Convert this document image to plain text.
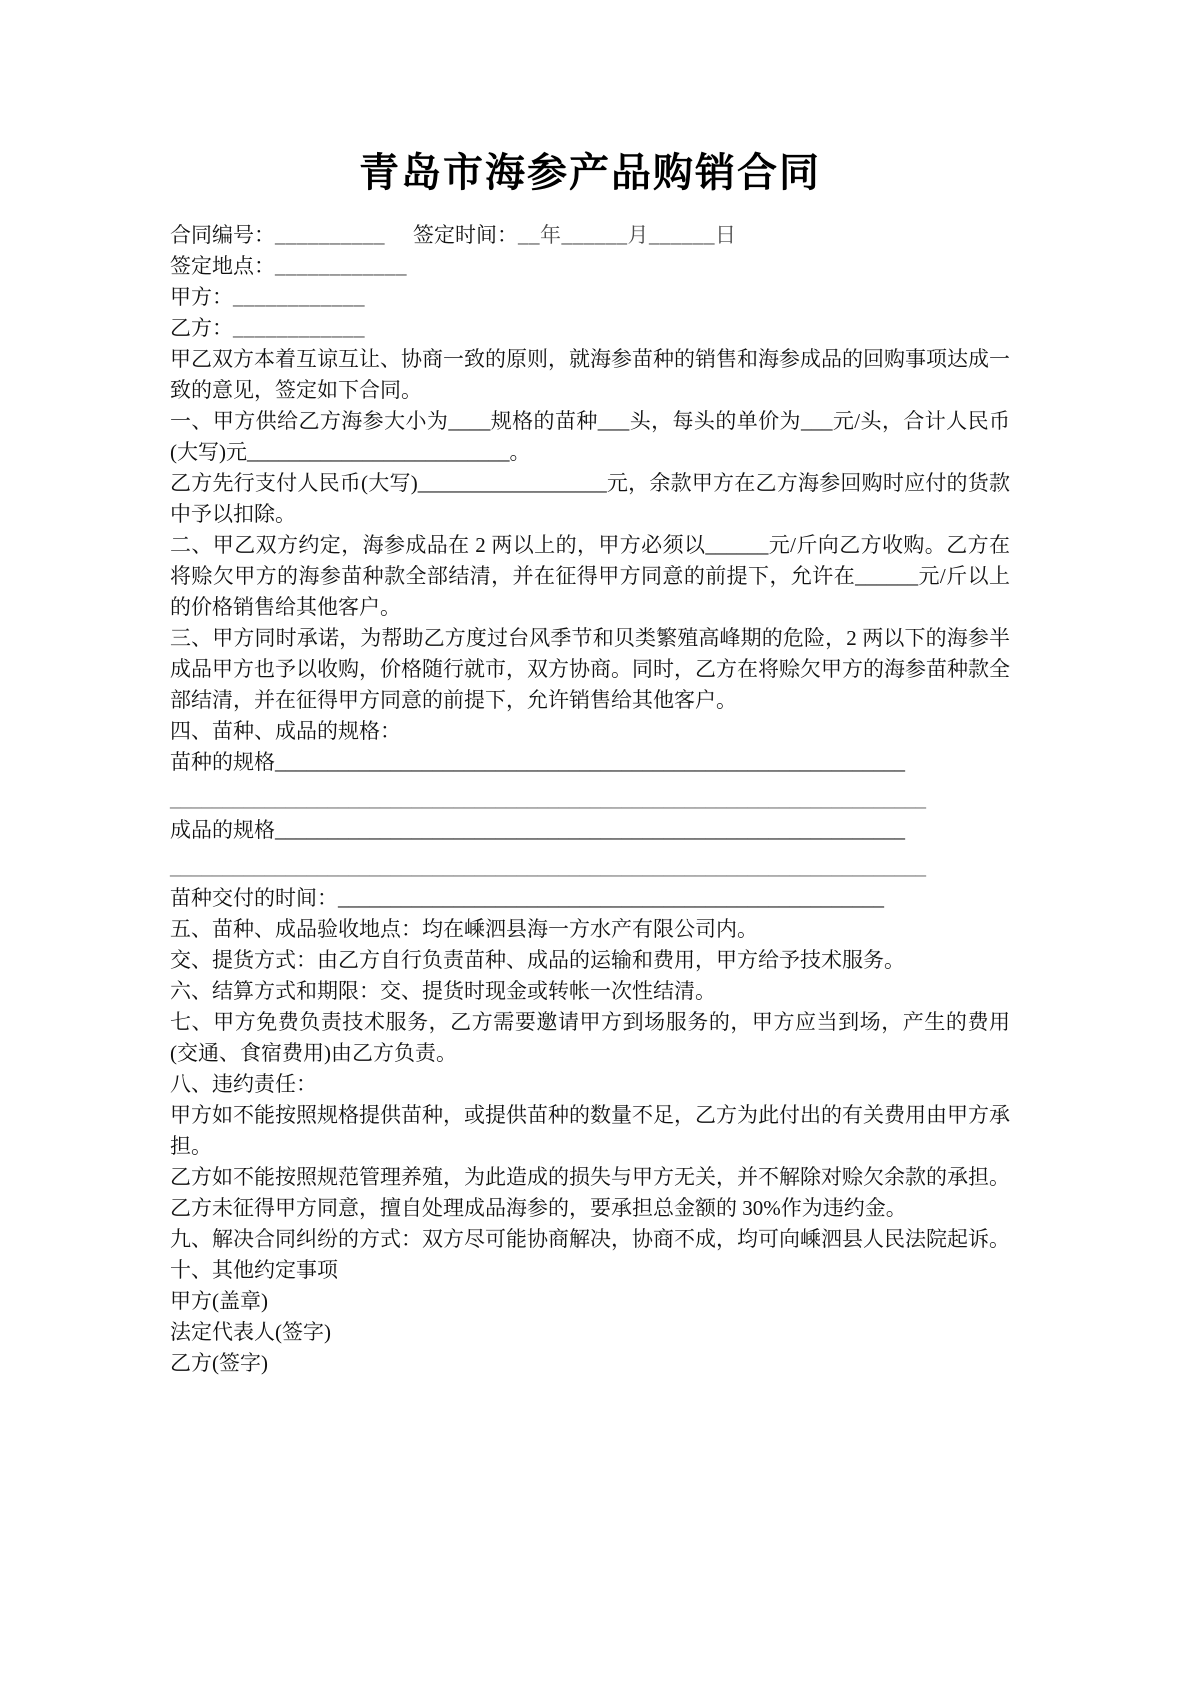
青岛市海参产品购销合同

合同编号：__________ 签定时间：__年______月______日

签定地点：____________

甲方：____________

乙方：____________

甲乙双方本着互谅互让、协商一致的原则，就海参苗种的销售和海参成品的回购事项达成一致的意见，签定如下合同。

一、甲方供给乙方海参大小为____规格的苗种___头，每头的单价为___元/头，合计人民币(大写)元_________________________。

乙方先行支付人民币(大写)__________________元，余款甲方在乙方海参回购时应付的货款中予以扣除。

二、甲乙双方约定，海参成品在 2 两以上的，甲方必须以______元/斤向乙方收购。乙方在将赊欠甲方的海参苗种款全部结清，并在征得甲方同意的前提下，允许在______元/斤以上的价格销售给其他客户。

三、甲方同时承诺，为帮助乙方度过台风季节和贝类繁殖高峰期的危险，2 两以下的海参半成品甲方也予以收购，价格随行就市，双方协商。同时，乙方在将赊欠甲方的海参苗种款全部结清，并在征得甲方同意的前提下，允许销售给其他客户。

四、苗种、成品的规格：

苗种的规格____________________________________________________________

________________________________________________________________________

成品的规格____________________________________________________________

________________________________________________________________________

苗种交付的时间：____________________________________________________

五、苗种、成品验收地点：均在嵊泗县海一方水产有限公司内。

交、提货方式：由乙方自行负责苗种、成品的运输和费用，甲方给予技术服务。

六、结算方式和期限：交、提货时现金或转帐一次性结清。

七、甲方免费负责技术服务，乙方需要邀请甲方到场服务的，甲方应当到场，产生的费用(交通、食宿费用)由乙方负责。

八、违约责任：

甲方如不能按照规格提供苗种，或提供苗种的数量不足，乙方为此付出的有关费用由甲方承担。

乙方如不能按照规范管理养殖，为此造成的损失与甲方无关，并不解除对赊欠余款的承担。

乙方未征得甲方同意，擅自处理成品海参的，要承担总金额的 30%作为违约金。

九、解决合同纠纷的方式：双方尽可能协商解决，协商不成，均可向嵊泗县人民法院起诉。

十、其他约定事项

甲方(盖章)

法定代表人(签字)

乙方(签字)
